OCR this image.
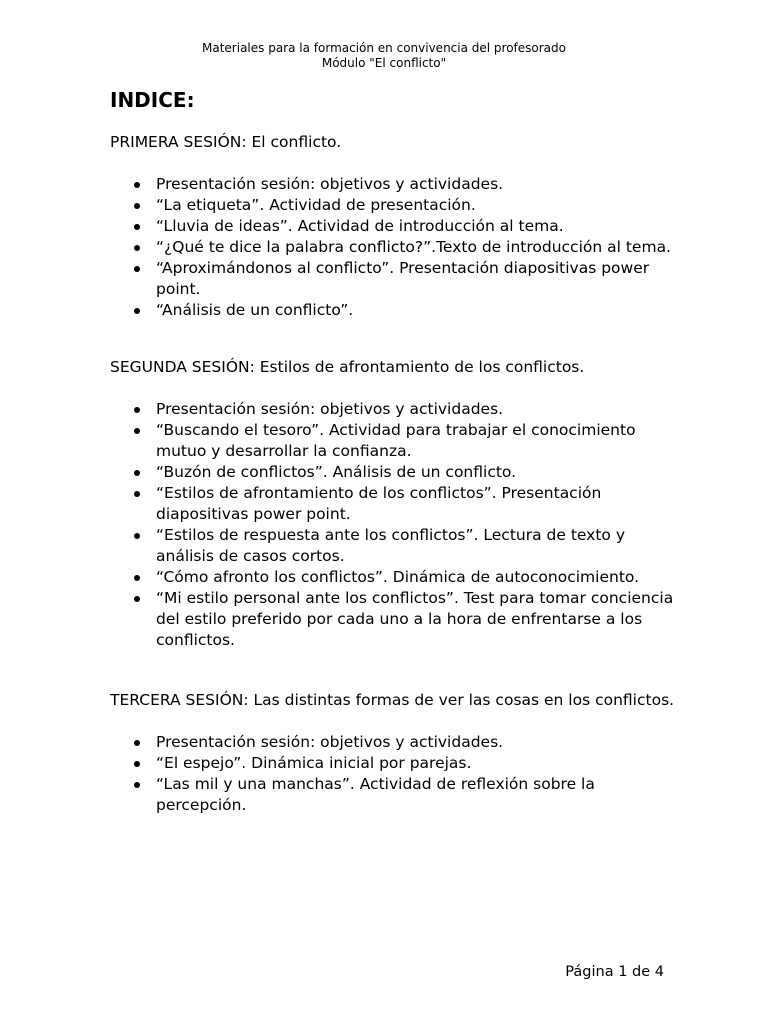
Materiales para la formación en convivencia del profesorado
Módulo "El conflicto"
INDICE:

PRIMERA SESIÓN: El conflicto.

Presentación sesión: objetivos y actividades.
“La etiqueta”. Actividad de presentación.
“Lluvia de ideas”. Actividad de introducción al tema.
“¿Qué te dice la palabra conflicto?”.Texto de introducción al tema.
“Aproximándonos al conflicto”. Presentación diapositivas power point.
“Análisis de un conflicto”.

SEGUNDA SESIÓN: Estilos de afrontamiento de los conflictos.

Presentación sesión: objetivos y actividades.
“Buscando el tesoro”. Actividad para trabajar el conocimiento mutuo y desarrollar la confianza.
“Buzón de conflictos”. Análisis de un conflicto.
“Estilos de afrontamiento de los conflictos”. Presentación diapositivas power point.
“Estilos de respuesta ante los conflictos”. Lectura de texto y análisis de casos cortos.
“Cómo afronto los conflictos”. Dinámica de autoconocimiento.
“Mi estilo personal ante los conflictos”. Test para tomar conciencia del estilo preferido por cada uno a la hora de enfrentarse a los conflictos.

TERCERA SESIÓN: Las distintas formas de ver las cosas en los conflictos.

Presentación sesión: objetivos y actividades.
“El espejo”. Dinámica inicial por parejas.
“Las mil y una manchas”. Actividad de reflexión sobre la percepción.
Página 1 de 4
